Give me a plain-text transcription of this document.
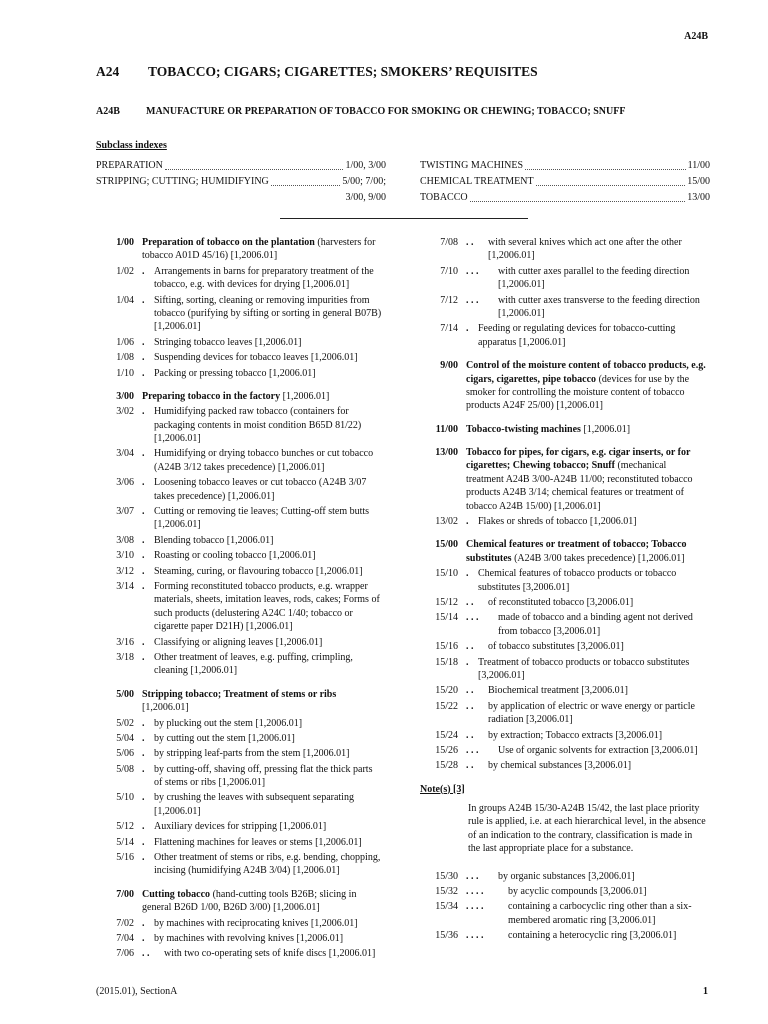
A24B
A24 TOBACCO; CIGARS; CIGARETTES; SMOKERS’ REQUISITES
A24B	MANUFACTURE OR PREPARATION OF TOBACCO FOR SMOKING OR CHEWING; TOBACCO; SNUFF
Subclass indexes
PREPARATION	1/00, 3/00
STRIPPING; CUTTING; HUMIDIFYING	5/00; 7/00;
3/00, 9/00
TWISTING MACHINES	11/00
CHEMICAL TREATMENT	15/00
TOBACCO	13/00
1/00 Preparation of tobacco on the plantation (harvesters for tobacco A01D 45/16) [1,2006.01]
1/02 . Arrangements in barns for preparatory treatment of the tobacco, e.g. with devices for drying [1,2006.01]
1/04 . Sifting, sorting, cleaning or removing impurities from tobacco (purifying by sifting or sorting in general B07B) [1,2006.01]
1/06 . Stringing tobacco leaves [1,2006.01]
1/08 . Suspending devices for tobacco leaves [1,2006.01]
1/10 . Packing or pressing tobacco [1,2006.01]
3/00 Preparing tobacco in the factory [1,2006.01]
3/02 . Humidifying packed raw tobacco (containers for packaging contents in moist condition B65D 81/22) [1,2006.01]
3/04 . Humidifying or drying tobacco bunches or cut tobacco (A24B 3/12 takes precedence) [1,2006.01]
3/06 . Loosening tobacco leaves or cut tobacco (A24B 3/07 takes precedence) [1,2006.01]
3/07 . Cutting or removing tie leaves; Cutting-off stem butts [1,2006.01]
3/08 . Blending tobacco [1,2006.01]
3/10 . Roasting or cooling tobacco [1,2006.01]
3/12 . Steaming, curing, or flavouring tobacco [1,2006.01]
3/14 . Forming reconstituted tobacco products, e.g. wrapper materials, sheets, imitation leaves, rods, cakes; Forms of such products (delustering A24C 1/40; tobacco or cigarette paper D21H) [1,2006.01]
3/16 . Classifying or aligning leaves [1,2006.01]
3/18 . Other treatment of leaves, e.g. puffing, crimpling, cleaning [1,2006.01]
5/00 Stripping tobacco; Treatment of stems or ribs [1,2006.01]
5/02 . by plucking out the stem [1,2006.01]
5/04 . by cutting out the stem [1,2006.01]
5/06 . by stripping leaf-parts from the stem [1,2006.01]
5/08 . by cutting-off, shaving off, pressing flat the thick parts of stems or ribs [1,2006.01]
5/10 . by crushing the leaves with subsequent separating [1,2006.01]
5/12 . Auxiliary devices for stripping [1,2006.01]
5/14 . Flattening machines for leaves or stems [1,2006.01]
5/16 . Other treatment of stems or ribs, e.g. bending, chopping, incising (humidifying A24B 3/04) [1,2006.01]
7/00 Cutting tobacco (hand-cutting tools B26B; slicing in general B26D 1/00, B26D 3/00) [1,2006.01]
7/02 . by machines with reciprocating knives [1,2006.01]
7/04 . by machines with revolving knives [1,2006.01]
7/06 . .	with two co-operating sets of knife discs [1,2006.01]
7/08 . .	with several knives which act one after the other [1,2006.01]
7/10 . . .	with cutter axes parallel to the feeding direction [1,2006.01]
7/12 . . .	with cutter axes transverse to the feeding direction [1,2006.01]
7/14 . Feeding or regulating devices for tobacco-cutting apparatus [1,2006.01]
9/00 Control of the moisture content of tobacco products, e.g. cigars, cigarettes, pipe tobacco (devices for use by the smoker for controlling the moisture content of tobacco products A24F 25/00) [1,2006.01]
11/00 Tobacco-twisting machines [1,2006.01]
13/00 Tobacco for pipes, for cigars, e.g. cigar inserts, or for cigarettes; Chewing tobacco; Snuff (mechanical treatment A24B 3/00-A24B 11/00; reconstituted tobacco products A24B 3/14; chemical features or treatment of tobacco A24B 15/00) [1,2006.01]
13/02 . Flakes or shreds of tobacco [1,2006.01]
15/00 Chemical features or treatment of tobacco; Tobacco substitutes (A24B 3/00 takes precedence) [1,2006.01]
15/10 . Chemical features of tobacco products or tobacco substitutes [3,2006.01]
15/12 . .	of reconstituted tobacco [3,2006.01]
15/14 . . .	made of tobacco and a binding agent not derived from tobacco [3,2006.01]
15/16 . .	of tobacco substitutes [3,2006.01]
15/18 . Treatment of tobacco products or tobacco substitutes [3,2006.01]
15/20 . .	Biochemical treatment [3,2006.01]
15/22 . .	by application of electric or wave energy or particle radiation [3,2006.01]
15/24 . .	by extraction; Tobacco extracts [3,2006.01]
15/26 . . .	Use of organic solvents for extraction [3,2006.01]
15/28 . .	by chemical substances [3,2006.01]
Note(s) [3]
In groups A24B 15/30-A24B 15/42, the last place priority rule is applied, i.e. at each hierarchical level, in the absence of an indication to the contrary, classification is made in the last appropriate place for a substance.
15/30 . . .	by organic substances [3,2006.01]
15/32 . . . .	by acyclic compounds [3,2006.01]
15/34 . . . .	containing a carbocyclic ring other than a six-membered aromatic ring [3,2006.01]
15/36 . . . .	containing a heterocyclic ring [3,2006.01]
(2015.01), SectionA	1
